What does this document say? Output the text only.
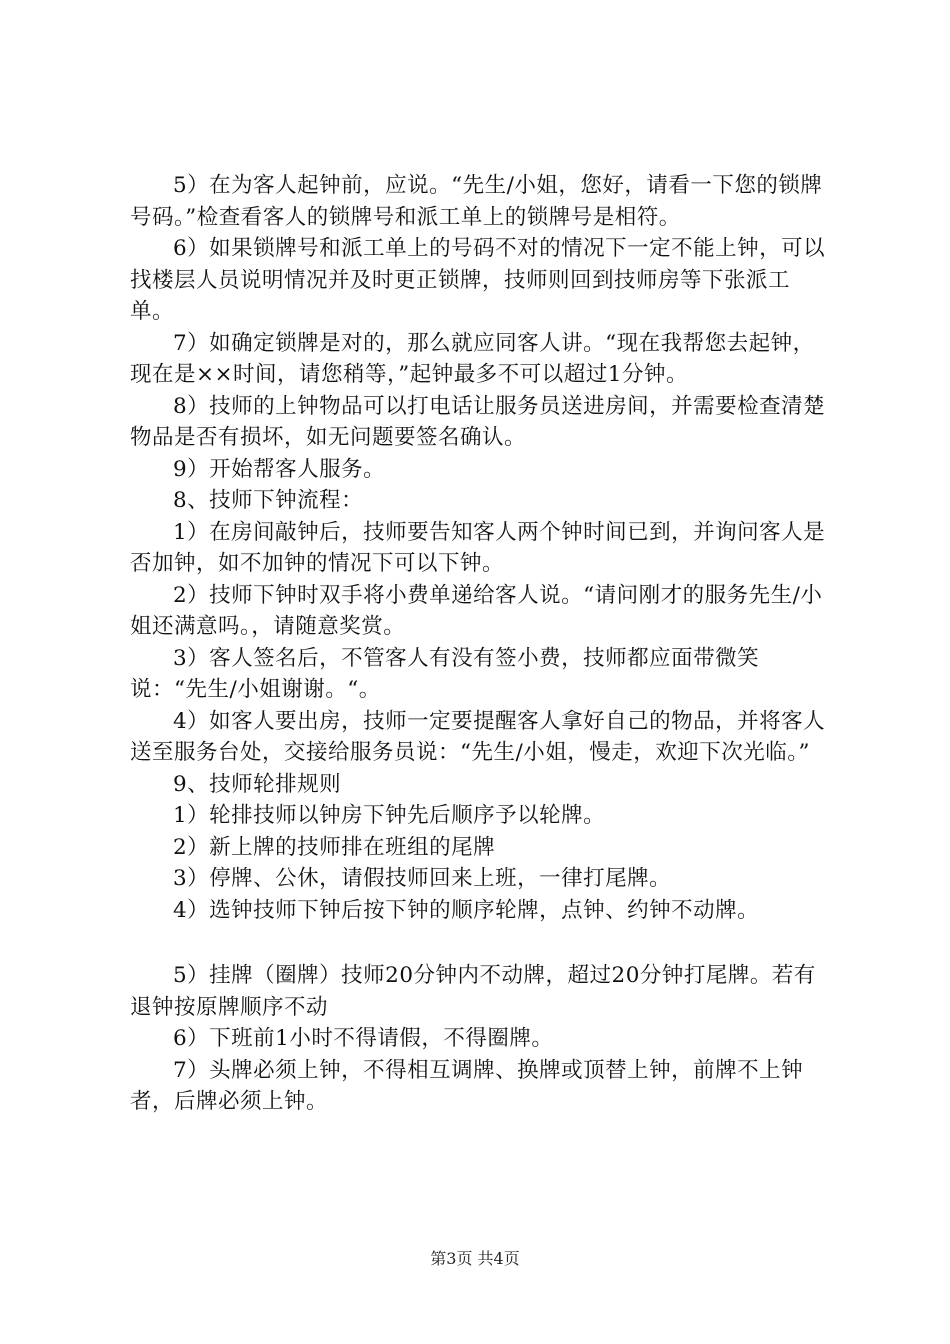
5）在为客人起钟前，应说。“先生/小姐，您好，请看一下您的锁牌号码。”检查看客人的锁牌号和派工单上的锁牌号是相符。

6）如果锁牌号和派工单上的号码不对的情况下一定不能上钟，可以找楼层人员说明情况并及时更正锁牌，技师则回到技师房等下张派工单。

7）如确定锁牌是对的，那么就应同客人讲。“现在我帮您去起钟，现在是××时间，请您稍等，”起钟最多不可以超过1分钟。

8）技师的上钟物品可以打电话让服务员送进房间，并需要检查清楚物品是否有损坏，如无问题要签名确认。

9）开始帮客人服务。

8、技师下钟流程：

1）在房间敲钟后，技师要告知客人两个钟时间已到，并询问客人是否加钟，如不加钟的情况下可以下钟。

2）技师下钟时双手将小费单递给客人说。“请问刚才的服务先生/小姐还满意吗。，请随意奖赏。

3）客人签名后，不管客人有没有签小费，技师都应面带微笑说：“先生/小姐谢谢。“。

4）如客人要出房，技师一定要提醒客人拿好自己的物品，并将客人送至服务台处，交接给服务员说：“先生/小姐，慢走，欢迎下次光临。”

9、技师轮排规则

1）轮排技师以钟房下钟先后顺序予以轮牌。

2）新上牌的技师排在班组的尾牌

3）停牌、公休，请假技师回来上班，一律打尾牌。

4）选钟技师下钟后按下钟的顺序轮牌，点钟、约钟不动牌。

5）挂牌（圈牌）技师20分钟内不动牌，超过20分钟打尾牌。若有退钟按原牌顺序不动

6）下班前1小时不得请假，不得圈牌。

7）头牌必须上钟，不得相互调牌、换牌或顶替上钟，前牌不上钟者，后牌必须上钟。

第3页 共4页
